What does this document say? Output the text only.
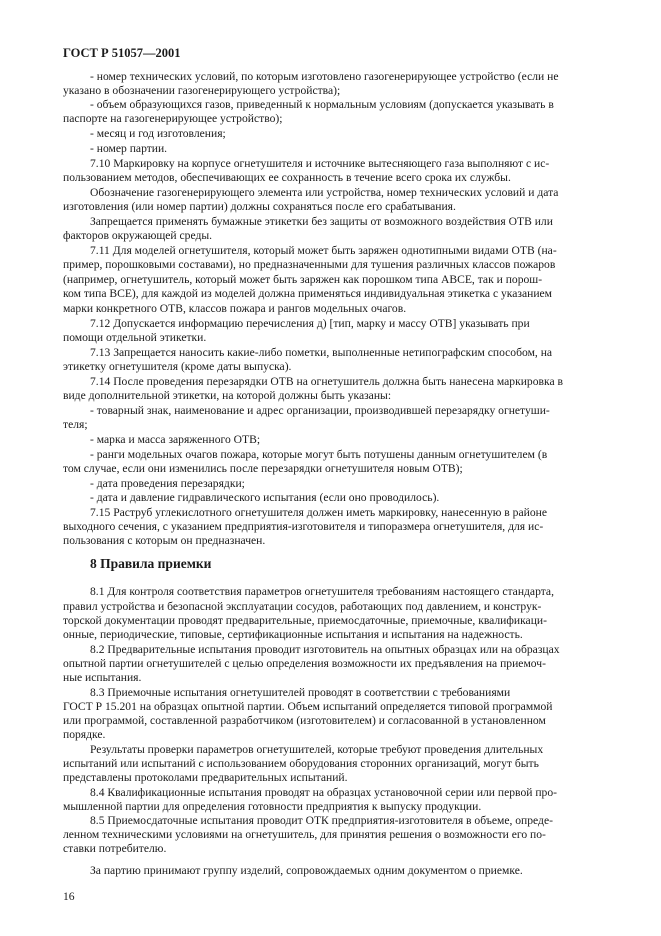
ГОСТ Р 51057—2001
- номер технических условий, по которым изготовлено газогенерирующее устройство (если не
указано в обозначении газогенерирующего устройства);
- объем образующихся газов, приведенный к нормальным условиям (допускается указывать в
паспорте на газогенерирующее устройство);
- месяц и год изготовления;
- номер партии.
7.10 Маркировку на корпусе огнетушителя и источнике вытесняющего газа выполняют с ис-
пользованием методов, обеспечивающих ее сохранность в течение всего срока их службы.
Обозначение газогенерирующего элемента или устройства, номер технических условий и дата
изготовления (или номер партии) должны сохраняться после его срабатывания.
Запрещается применять бумажные этикетки без защиты от возможного воздействия ОТВ или
факторов окружающей среды.
7.11 Для моделей огнетушителя, который может быть заряжен однотипными видами ОТВ (на-
пример, порошковыми составами), но предназначенными для тушения различных классов пожаров
(например, огнетушитель, который может быть заряжен как порошком типа АВСЕ, так и порош-
ком типа ВСЕ), для каждой из моделей должна применяться индивидуальная этикетка с указанием
марки конкретного ОТВ, классов пожара и рангов модельных очагов.
7.12 Допускается информацию перечисления д) [тип, марку и массу ОТВ] указывать при
помощи отдельной этикетки.
7.13 Запрещается наносить какие-либо пометки, выполненные нетипографским способом, на
этикетку огнетушителя (кроме даты выпуска).
7.14 После проведения перезарядки ОТВ на огнетушитель должна быть нанесена маркировка в
виде дополнительной этикетки, на которой должны быть указаны:
- товарный знак, наименование и адрес организации, производившей перезарядку огнетуши-
теля;
- марка и масса заряженного ОТВ;
- ранги модельных очагов пожара, которые могут быть потушены данным огнетушителем (в
том случае, если они изменились после перезарядки огнетушителя новым ОТВ);
- дата проведения перезарядки;
- дата и давление гидравлического испытания (если оно проводилось).
7.15 Раструб углекислотного огнетушителя должен иметь маркировку, нанесенную в районе
выходного сечения, с указанием предприятия-изготовителя и типоразмера огнетушителя, для ис-
пользования с которым он предназначен.
8 Правила приемки
8.1 Для контроля соответствия параметров огнетушителя требованиям настоящего стандарта,
правил устройства и безопасной эксплуатации сосудов, работающих под давлением, и конструк-
торской документации проводят предварительные, приемосдаточные, приемочные, квалификаци-
онные, периодические, типовые, сертификационные испытания и испытания на надежность.
8.2 Предварительные испытания проводит изготовитель на опытных образцах или на образцах
опытной партии огнетушителей с целью определения возможности их предъявления на приемоч-
ные испытания.
8.3 Приемочные испытания огнетушителей проводят в соответствии с требованиями
ГОСТ Р 15.201 на образцах опытной партии. Объем испытаний определяется типовой программой
или программой, составленной разработчиком (изготовителем) и согласованной в установленном
порядке.
Результаты проверки параметров огнетушителей, которые требуют проведения длительных
испытаний или испытаний с использованием оборудования сторонних организаций, могут быть
представлены протоколами предварительных испытаний.
8.4 Квалификационные испытания проводят на образцах установочной серии или первой про-
мышленной партии для определения готовности предприятия к выпуску продукции.
8.5 Приемосдаточные испытания проводит ОТК предприятия-изготовителя в объеме, опреде-
ленном техническими условиями на огнетушитель, для принятия решения о возможности его по-
ставки потребителю.
За партию принимают группу изделий, сопровождаемых одним документом о приемке.
16
